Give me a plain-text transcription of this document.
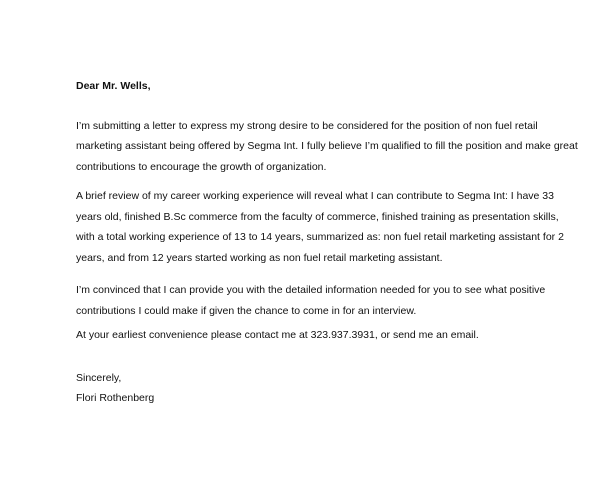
Dear Mr. Wells,
I’m submitting a letter to express my strong desire to be considered for the position of non fuel retail
marketing assistant being offered by Segma Int. I fully believe I’m qualified to fill the position and make great
contributions to encourage the growth of organization.
A brief review of my career working experience will reveal what I can contribute to Segma Int: I have 33
years old, finished B.Sc commerce from the faculty of commerce, finished training as presentation skills,
with a total working experience of 13 to 14 years, summarized as: non fuel retail marketing assistant for 2
years, and from 12 years started working as non fuel retail marketing assistant.
I’m convinced that I can provide you with the detailed information needed for you to see what positive
contributions I could make if given the chance to come in for an interview.
At your earliest convenience please contact me at 323.937.3931, or send me an email.
Sincerely,
Flori Rothenberg
